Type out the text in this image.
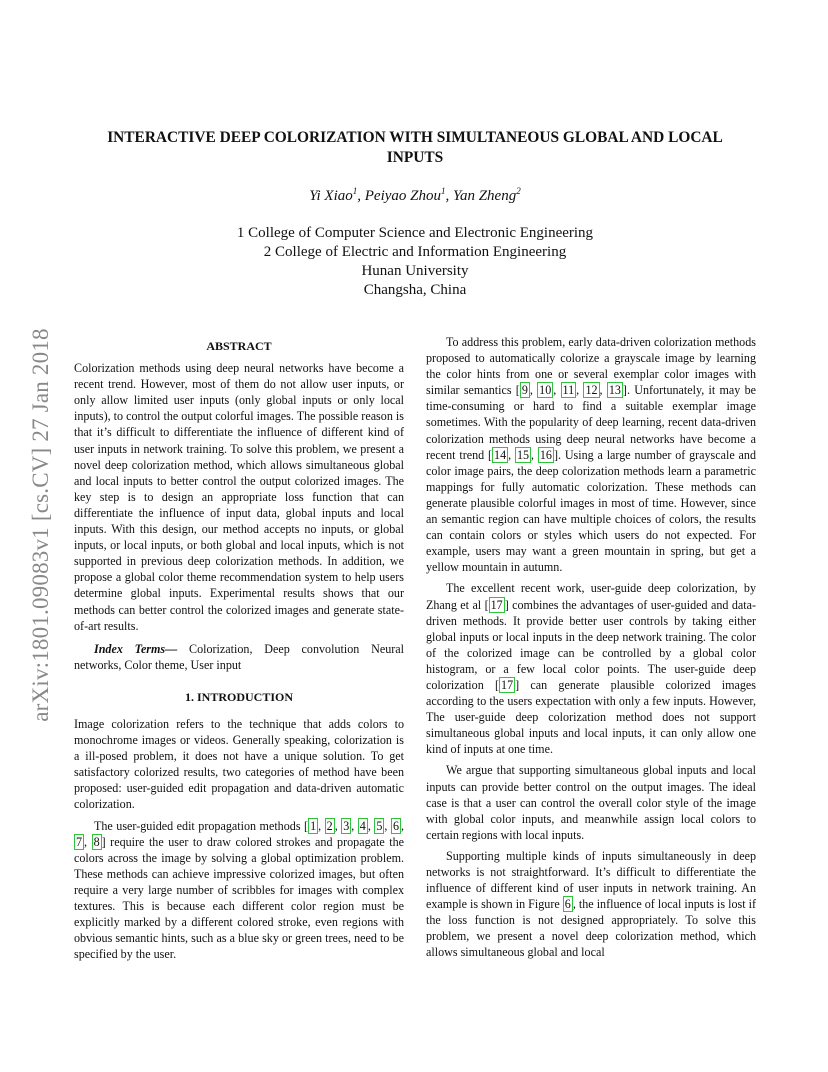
arXiv:1801.09083v1 [cs.CV] 27 Jan 2018
INTERACTIVE DEEP COLORIZATION WITH SIMULTANEOUS GLOBAL AND LOCAL
INPUTS
Yi Xiao$^1$, Peiyao Zhou$^1$, Yan Zheng$^2$
1 College of Computer Science and Electronic Engineering
2 College of Electric and Information Engineering
Hunan University
Changsha, China
ABSTRACT

Colorization methods using deep neural networks have become a recent trend. However, most of them do not allow user inputs, or only allow limited user inputs (only global inputs or only local inputs), to control the output colorful images. The possible reason is that it’s difficult to differentiate the influence of different kind of user inputs in network training. To solve this problem, we present a novel deep colorization method, which allows simultaneous global and local inputs to better control the output colorized images. The key step is to design an appropriate loss function that can differentiate the influence of input data, global inputs and local inputs. With this design, our method accepts no inputs, or global inputs, or local inputs, or both global and local inputs, which is not supported in previous deep colorization methods. In addition, we propose a global color theme recommendation system to help users determine global inputs. Experimental results shows that our methods can better control the colorized images and generate state-of-art results.

Index Terms— Colorization, Deep convolution Neural networks, Color theme, User input

1. INTRODUCTION

Image colorization refers to the technique that adds colors to monochrome images or videos. Generally speaking, colorization is a ill-posed problem, it does not have a unique solution. To get satisfactory colorized results, two categories of method have been proposed: user-guided edit propagation and data-driven automatic colorization.

The user-guided edit propagation methods [ 1 , 2 , 3 , 4 , 5 , 6 , 7 , 8 ] require the user to draw colored strokes and propagate the colors across the image by solving a global optimization problem. These methods can achieve impressive colorized images, but often require a very large number of scribbles for images with complex textures. This is because each different color region must be explicitly marked by a different colored stroke, even regions with obvious semantic hints, such as a blue sky or green trees, need to be specified by the user.

To address this problem, early data-driven colorization methods proposed to automatically colorize a grayscale image by learning the color hints from one or several exemplar color images with similar semantics [ 9 , 10 , 11 , 12 , 13 ]. Unfortunately, it may be time-consuming or hard to find a suitable exemplar image sometimes. With the popularity of deep learning, recent data-driven colorization methods using deep neural networks have become a recent trend [ 14 , 15 , 16 ]. Using a large number of grayscale and color image pairs, the deep colorization methods learn a parametric mappings for fully automatic colorization. These methods can generate plausible colorful images in most of time. However, since an semantic region can have multiple choices of colors, the results can contain colors or styles which users do not expected. For example, users may want a green mountain in spring, but get a yellow mountain in autumn.

The excellent recent work, user-guide deep colorization, by Zhang et al [ 17 ] combines the advantages of user-guided and data-driven methods. It provide better user controls by taking either global inputs or local inputs in the deep network training. The color of the colorized image can be controlled by a global color histogram, or a few local color points. The user-guide deep colorization [ 17 ] can generate plausible colorized images according to the users expectation with only a few inputs. However, The user-guide deep colorization method does not support simultaneous global inputs and local inputs, it can only allow one kind of inputs at one time.

We argue that supporting simultaneous global inputs and local inputs can provide better control on the output images. The ideal case is that a user can control the overall color style of the image with global color inputs, and meanwhile assign local colors to certain regions with local inputs.

Supporting multiple kinds of inputs simultaneously in deep networks is not straightforward. It’s difficult to differentiate the influence of different kind of user inputs in network training. An example is shown in Figure 6 , the influence of local inputs is lost if the loss function is not designed appropriately. To solve this problem, we present a novel deep colorization method, which allows simultaneous global and local
